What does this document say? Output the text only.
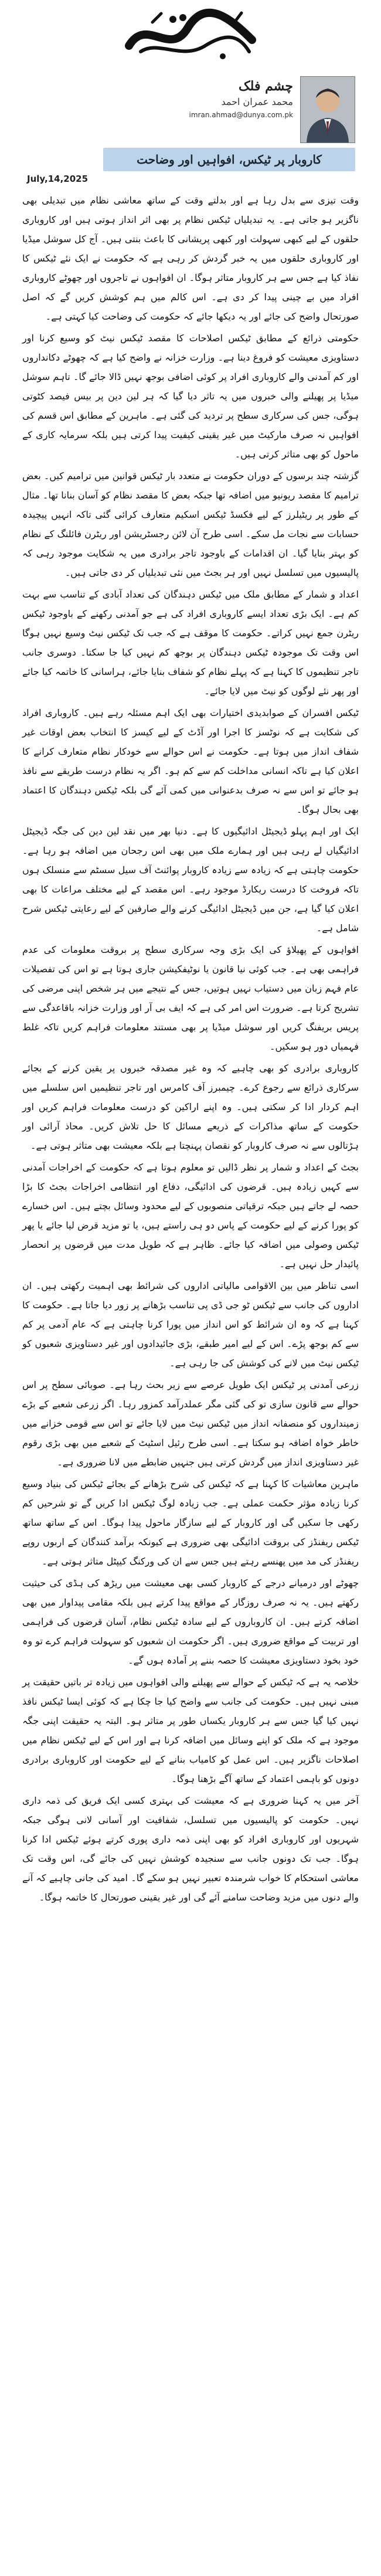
چشم فلک
محمد عمران احمد
imran.ahmad@dunya.com.pk
کاروبار پر ٹیکس، افواہیں اور وضاحت
July,14,2025

وقت تیزی سے بدل رہا ہے اور بدلتے وقت کے ساتھ معاشی نظام میں تبدیلی بھی ناگزیر ہو جاتی ہے۔ یہ تبدیلیاں ٹیکس نظام پر بھی اثر انداز ہوتی ہیں اور کاروباری حلقوں کے لیے کبھی سہولت اور کبھی پریشانی کا باعث بنتی ہیں۔ آج کل سوشل میڈیا اور کاروباری حلقوں میں یہ خبر گردش کر رہی ہے کہ حکومت نے ایک نئے ٹیکس کا نفاذ کیا ہے جس سے ہر کاروبار متاثر ہوگا۔ ان افواہوں نے تاجروں اور چھوٹے کاروباری افراد میں بے چینی پیدا کر دی ہے۔ اس کالم میں ہم کوشش کریں گے کہ اصل صورتحال واضح کی جائے اور یہ دیکھا جائے کہ حکومت کی وضاحت کیا کہتی ہے۔

حکومتی ذرائع کے مطابق ٹیکس اصلاحات کا مقصد ٹیکس نیٹ کو وسیع کرنا اور دستاویزی معیشت کو فروغ دینا ہے۔ وزارت خزانہ نے واضح کیا ہے کہ چھوٹے دکانداروں اور کم آمدنی والے کاروباری افراد پر کوئی اضافی بوجھ نہیں ڈالا جائے گا۔ تاہم سوشل میڈیا پر پھیلنے والی خبروں میں یہ تاثر دیا گیا کہ ہر لین دین پر بیس فیصد کٹوتی ہوگی، جس کی سرکاری سطح پر تردید کی گئی ہے۔ ماہرین کے مطابق اس قسم کی افواہیں نہ صرف مارکیٹ میں غیر یقینی کیفیت پیدا کرتی ہیں بلکہ سرمایہ کاری کے ماحول کو بھی متاثر کرتی ہیں۔

گزشتہ چند برسوں کے دوران حکومت نے متعدد بار ٹیکس قوانین میں ترامیم کیں۔ بعض ترامیم کا مقصد ریونیو میں اضافہ تھا جبکہ بعض کا مقصد نظام کو آسان بنانا تھا۔ مثال کے طور پر ریٹیلرز کے لیے فکسڈ ٹیکس اسکیم متعارف کرائی گئی تاکہ انہیں پیچیدہ حسابات سے نجات مل سکے۔ اسی طرح آن لائن رجسٹریشن اور ریٹرن فائلنگ کے نظام کو بہتر بنایا گیا۔ ان اقدامات کے باوجود تاجر برادری میں یہ شکایت موجود رہی کہ پالیسیوں میں تسلسل نہیں اور ہر بجٹ میں نئی تبدیلیاں کر دی جاتی ہیں۔

اعداد و شمار کے مطابق ملک میں ٹیکس دہندگان کی تعداد آبادی کے تناسب سے بہت کم ہے۔ ایک بڑی تعداد ایسے کاروباری افراد کی ہے جو آمدنی رکھنے کے باوجود ٹیکس ریٹرن جمع نہیں کراتے۔ حکومت کا موقف ہے کہ جب تک ٹیکس نیٹ وسیع نہیں ہوگا اس وقت تک موجودہ ٹیکس دہندگان پر بوجھ کم نہیں کیا جا سکتا۔ دوسری جانب تاجر تنظیموں کا کہنا ہے کہ پہلے نظام کو شفاف بنایا جائے، ہراسانی کا خاتمہ کیا جائے اور پھر نئے لوگوں کو نیٹ میں لایا جائے۔

ٹیکس افسران کے صوابدیدی اختیارات بھی ایک اہم مسئلہ رہے ہیں۔ کاروباری افراد کی شکایت ہے کہ نوٹسز کا اجرا اور آڈٹ کے لیے کیسز کا انتخاب بعض اوقات غیر شفاف انداز میں ہوتا ہے۔ حکومت نے اس حوالے سے خودکار نظام متعارف کرانے کا اعلان کیا ہے تاکہ انسانی مداخلت کم سے کم ہو۔ اگر یہ نظام درست طریقے سے نافذ ہو جائے تو اس سے نہ صرف بدعنوانی میں کمی آئے گی بلکہ ٹیکس دہندگان کا اعتماد بھی بحال ہوگا۔

ایک اور اہم پہلو ڈیجیٹل ادائیگیوں کا ہے۔ دنیا بھر میں نقد لین دین کی جگہ ڈیجیٹل ادائیگیاں لے رہی ہیں اور ہمارے ملک میں بھی اس رجحان میں اضافہ ہو رہا ہے۔ حکومت چاہتی ہے کہ زیادہ سے زیادہ کاروبار پوائنٹ آف سیل سسٹم سے منسلک ہوں تاکہ فروخت کا درست ریکارڈ موجود رہے۔ اس مقصد کے لیے مختلف مراعات کا بھی اعلان کیا گیا ہے، جن میں ڈیجیٹل ادائیگی کرنے والے صارفین کے لیے رعایتی ٹیکس شرح شامل ہے۔

افواہوں کے پھیلاؤ کی ایک بڑی وجہ سرکاری سطح پر بروقت معلومات کی عدم فراہمی بھی ہے۔ جب کوئی نیا قانون یا نوٹیفکیشن جاری ہوتا ہے تو اس کی تفصیلات عام فہم زبان میں دستیاب نہیں ہوتیں، جس کے نتیجے میں ہر شخص اپنی مرضی کی تشریح کرتا ہے۔ ضرورت اس امر کی ہے کہ ایف بی آر اور وزارت خزانہ باقاعدگی سے پریس بریفنگ کریں اور سوشل میڈیا پر بھی مستند معلومات فراہم کریں تاکہ غلط فہمیاں دور ہو سکیں۔

کاروباری برادری کو بھی چاہیے کہ وہ غیر مصدقہ خبروں پر یقین کرنے کے بجائے سرکاری ذرائع سے رجوع کرے۔ چیمبرز آف کامرس اور تاجر تنظیمیں اس سلسلے میں اہم کردار ادا کر سکتی ہیں۔ وہ اپنے اراکین کو درست معلومات فراہم کریں اور حکومت کے ساتھ مذاکرات کے ذریعے مسائل کا حل تلاش کریں۔ محاذ آرائی اور ہڑتالوں سے نہ صرف کاروبار کو نقصان پہنچتا ہے بلکہ معیشت بھی متاثر ہوتی ہے۔

بجٹ کے اعداد و شمار پر نظر ڈالیں تو معلوم ہوتا ہے کہ حکومت کے اخراجات آمدنی سے کہیں زیادہ ہیں۔ قرضوں کی ادائیگی، دفاع اور انتظامی اخراجات بجٹ کا بڑا حصہ لے جاتے ہیں جبکہ ترقیاتی منصوبوں کے لیے محدود وسائل بچتے ہیں۔ اس خسارے کو پورا کرنے کے لیے حکومت کے پاس دو ہی راستے ہیں، یا تو مزید قرض لیا جائے یا پھر ٹیکس وصولی میں اضافہ کیا جائے۔ ظاہر ہے کہ طویل مدت میں قرضوں پر انحصار پائیدار حل نہیں ہے۔

اسی تناظر میں بین الاقوامی مالیاتی اداروں کی شرائط بھی اہمیت رکھتی ہیں۔ ان اداروں کی جانب سے ٹیکس ٹو جی ڈی پی تناسب بڑھانے پر زور دیا جاتا ہے۔ حکومت کا کہنا ہے کہ وہ ان شرائط کو اس انداز میں پورا کرنا چاہتی ہے کہ عام آدمی پر کم سے کم بوجھ پڑے۔ اس کے لیے امیر طبقے، بڑی جائیدادوں اور غیر دستاویزی شعبوں کو ٹیکس نیٹ میں لانے کی کوشش کی جا رہی ہے۔

زرعی آمدنی پر ٹیکس ایک طویل عرصے سے زیر بحث رہا ہے۔ صوبائی سطح پر اس حوالے سے قانون سازی تو کی گئی مگر عملدرآمد کمزور رہا۔ اگر زرعی شعبے کے بڑے زمینداروں کو منصفانہ انداز میں ٹیکس نیٹ میں لایا جائے تو اس سے قومی خزانے میں خاطر خواہ اضافہ ہو سکتا ہے۔ اسی طرح رئیل اسٹیٹ کے شعبے میں بھی بڑی رقوم غیر دستاویزی انداز میں گردش کرتی ہیں جنہیں ضابطے میں لانا ضروری ہے۔

ماہرین معاشیات کا کہنا ہے کہ ٹیکس کی شرح بڑھانے کے بجائے ٹیکس کی بنیاد وسیع کرنا زیادہ مؤثر حکمت عملی ہے۔ جب زیادہ لوگ ٹیکس ادا کریں گے تو شرحیں کم رکھی جا سکیں گی اور کاروبار کے لیے سازگار ماحول پیدا ہوگا۔ اس کے ساتھ ساتھ ٹیکس ریفنڈز کی بروقت ادائیگی بھی ضروری ہے کیونکہ برآمد کنندگان کے اربوں روپے ریفنڈز کی مد میں پھنسے رہتے ہیں جس سے ان کی ورکنگ کیپٹل متاثر ہوتی ہے۔

چھوٹے اور درمیانے درجے کے کاروبار کسی بھی معیشت میں ریڑھ کی ہڈی کی حیثیت رکھتے ہیں۔ یہ نہ صرف روزگار کے مواقع پیدا کرتے ہیں بلکہ مقامی پیداوار میں بھی اضافہ کرتے ہیں۔ ان کاروباروں کے لیے سادہ ٹیکس نظام، آسان قرضوں کی فراہمی اور تربیت کے مواقع ضروری ہیں۔ اگر حکومت ان شعبوں کو سہولت فراہم کرے تو وہ خود بخود دستاویزی معیشت کا حصہ بننے پر آمادہ ہوں گے۔

خلاصہ یہ ہے کہ ٹیکس کے حوالے سے پھیلنے والی افواہوں میں زیادہ تر باتیں حقیقت پر مبنی نہیں ہیں۔ حکومت کی جانب سے واضح کیا جا چکا ہے کہ کوئی ایسا ٹیکس نافذ نہیں کیا گیا جس سے ہر کاروبار یکساں طور پر متاثر ہو۔ البتہ یہ حقیقت اپنی جگہ موجود ہے کہ ملک کو اپنے وسائل میں اضافہ کرنا ہے اور اس کے لیے ٹیکس نظام میں اصلاحات ناگزیر ہیں۔ اس عمل کو کامیاب بنانے کے لیے حکومت اور کاروباری برادری دونوں کو باہمی اعتماد کے ساتھ آگے بڑھنا ہوگا۔

آخر میں یہ کہنا ضروری ہے کہ معیشت کی بہتری کسی ایک فریق کی ذمہ داری نہیں۔ حکومت کو پالیسیوں میں تسلسل، شفافیت اور آسانی لانی ہوگی جبکہ شہریوں اور کاروباری افراد کو بھی اپنی ذمہ داری پوری کرتے ہوئے ٹیکس ادا کرنا ہوگا۔ جب تک دونوں جانب سے سنجیدہ کوشش نہیں کی جائے گی، اس وقت تک معاشی استحکام کا خواب شرمندہ تعبیر نہیں ہو سکے گا۔ امید کی جانی چاہیے کہ آنے والے دنوں میں مزید وضاحت سامنے آئے گی اور غیر یقینی صورتحال کا خاتمہ ہوگا۔
